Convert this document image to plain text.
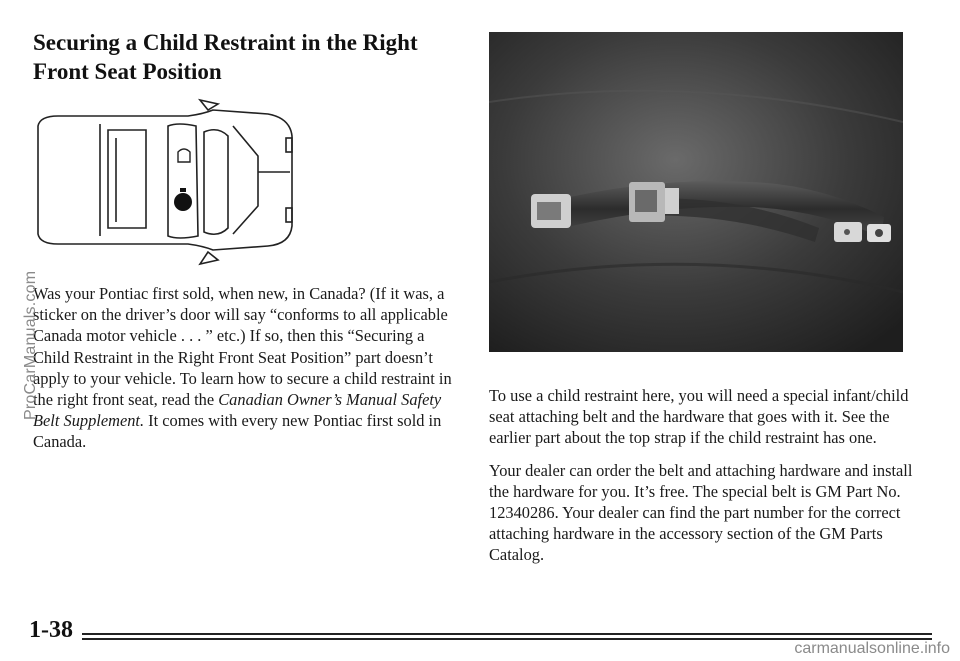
Securing a Child Restraint in the Right
Front Seat Position
Was your Pontiac first sold, when new, in Canada? (If it was, a sticker on the driver’s door will say “conforms to all applicable Canada motor vehicle . . . ” etc.) If so, then this “Securing a Child Restraint in the Right Front Seat Position” part doesn’t apply to your vehicle. To learn how to secure a child restraint in the right front seat, read the Canadian Owner’s Manual Safety Belt Supplement. It comes with every new Pontiac first sold in Canada.

To use a child restraint here, you will need a special infant/child seat attaching belt and the hardware that goes with it. See the earlier part about the top strap if the child restraint has one.

Your dealer can order the belt and attaching hardware and install the hardware for you. It’s free. The special belt is GM Part No. 12340286. Your dealer can find the part number for the correct attaching hardware in the accessory section of the GM Parts Catalog.

1-38
ProCarManuals.com
carmanualsonline.info
